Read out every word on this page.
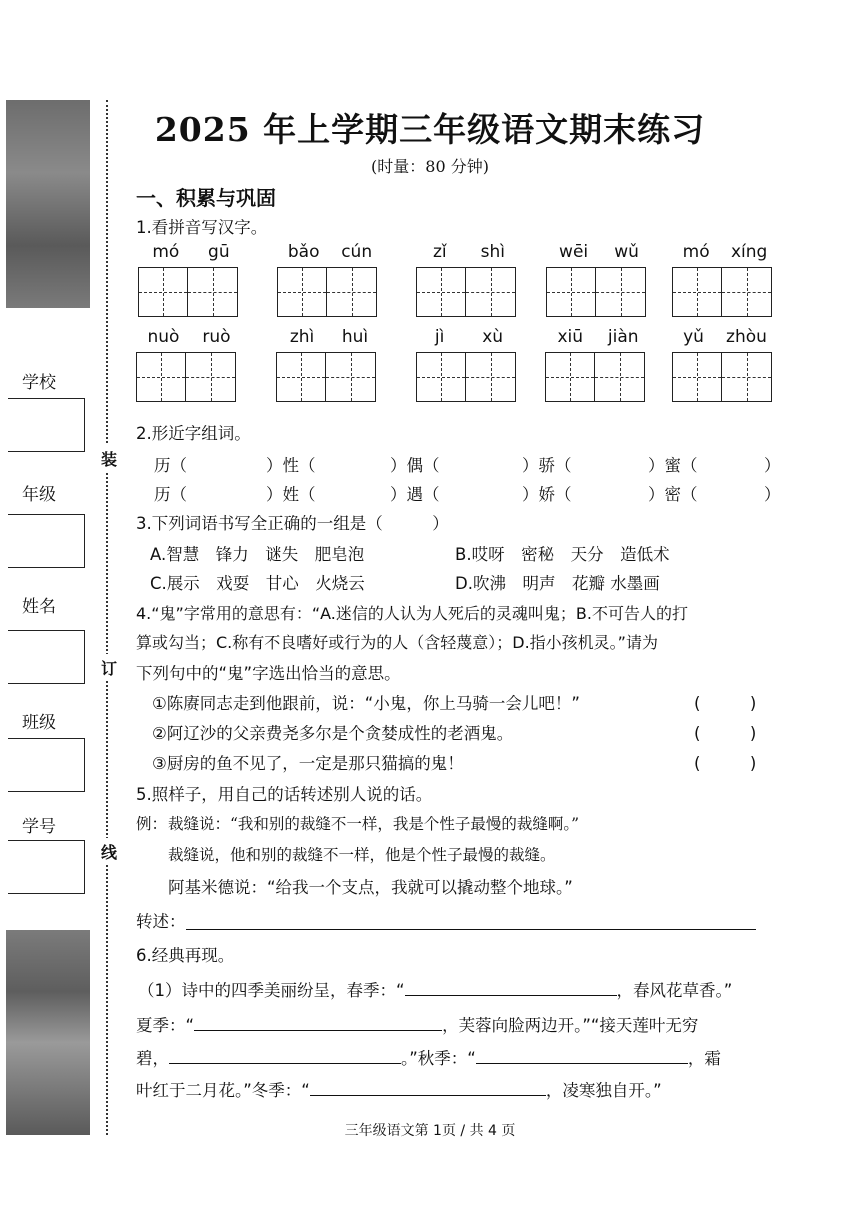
学校
年级
姓名
班级
学号
装
订
线
2025 年上学期三年级语文期末练习
(时量：80 分钟)
一、积累与巩固
1.看拼音写汉字。
mó gū	bǎo cún	zǐ shì	wēi wǔ	mó xíng
nuò ruò	zhì huì	jì xù	xiū jiàn	yǔ zhòu
2.形近字组词。
历（	）性（	）偶（	）骄（	）蜜（	）
历（	）姓（	）遇（	）娇（	）密（	）
3.下列词语书写全正确的一组是（　　　）
A.智慧　锋力　谜失　肥皂泡	B.哎呀　密秘　天分　造低术
C.展示　戏耍　甘心　火烧云	D.吹沸　明声　花瓣 水墨画
4.“鬼”字常用的意思有：“A.迷信的人认为人死后的灵魂叫鬼；B.不可告人的打
算或勾当；C.称有不良嗜好或行为的人（含轻蔑意）；D.指小孩机灵。”请为
下列句中的“鬼”字选出恰当的意思。
①陈赓同志走到他跟前，说：“小鬼，你上马骑一会儿吧！”	(　　　)
②阿辽沙的父亲费尧多尔是个贪婪成性的老酒鬼。	(　　　)
③厨房的鱼不见了，一定是那只猫搞的鬼！	(　　　)
5.照样子，用自己的话转述别人说的话。
例： 裁缝说：“我和别的裁缝不一样，我是个性子最慢的裁缝啊。”
裁缝说，他和别的裁缝不一样，他是个性子最慢的裁缝。
阿基米德说：“给我一个支点，我就可以撬动整个地球。”
转述：
6.经典再现。
（1）诗中的四季美丽纷呈，春季：“	，春风花草香。”
夏季：“	，芙蓉向脸两边开。”“接天莲叶无穷
碧，	。”秋季：“	，霜
叶红于二月花。”冬季：“	，凌寒独自开。”
三年级语文第 1页 / 共 4 页
